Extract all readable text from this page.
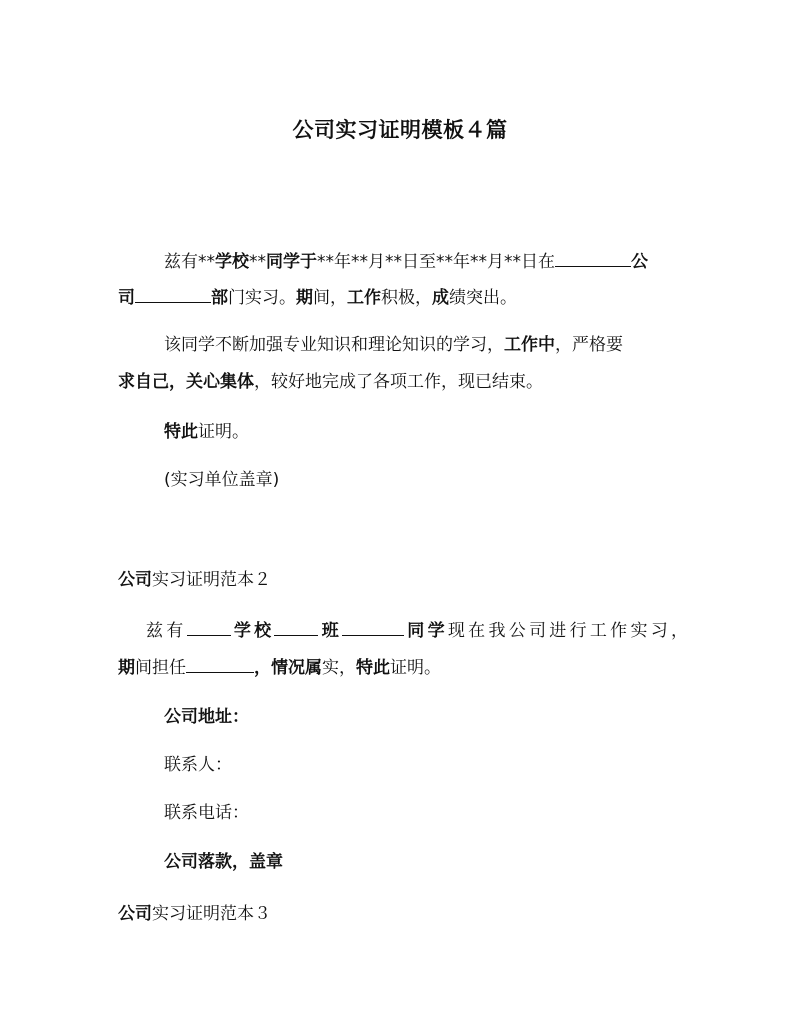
公司实习证明模板４篇
兹有**学校**同学于**年**月**日至**年**月**日在	公
司	部门实习。期间，工作积极，成绩突出。
该同学不断加强专业知识和理论知识的学习，工作中，严格要
求自己，关心集体，较好地完成了各项工作，现已结束。
特此证明。
(实习单位盖章)
公司实习证明范本２
兹有	学校	班	同学现在我公司进行工作实习，
期间担任	，情况属实，特此证明。
公司地址：
联系人：
联系电话：
公司落款，盖章
公司实习证明范本３
